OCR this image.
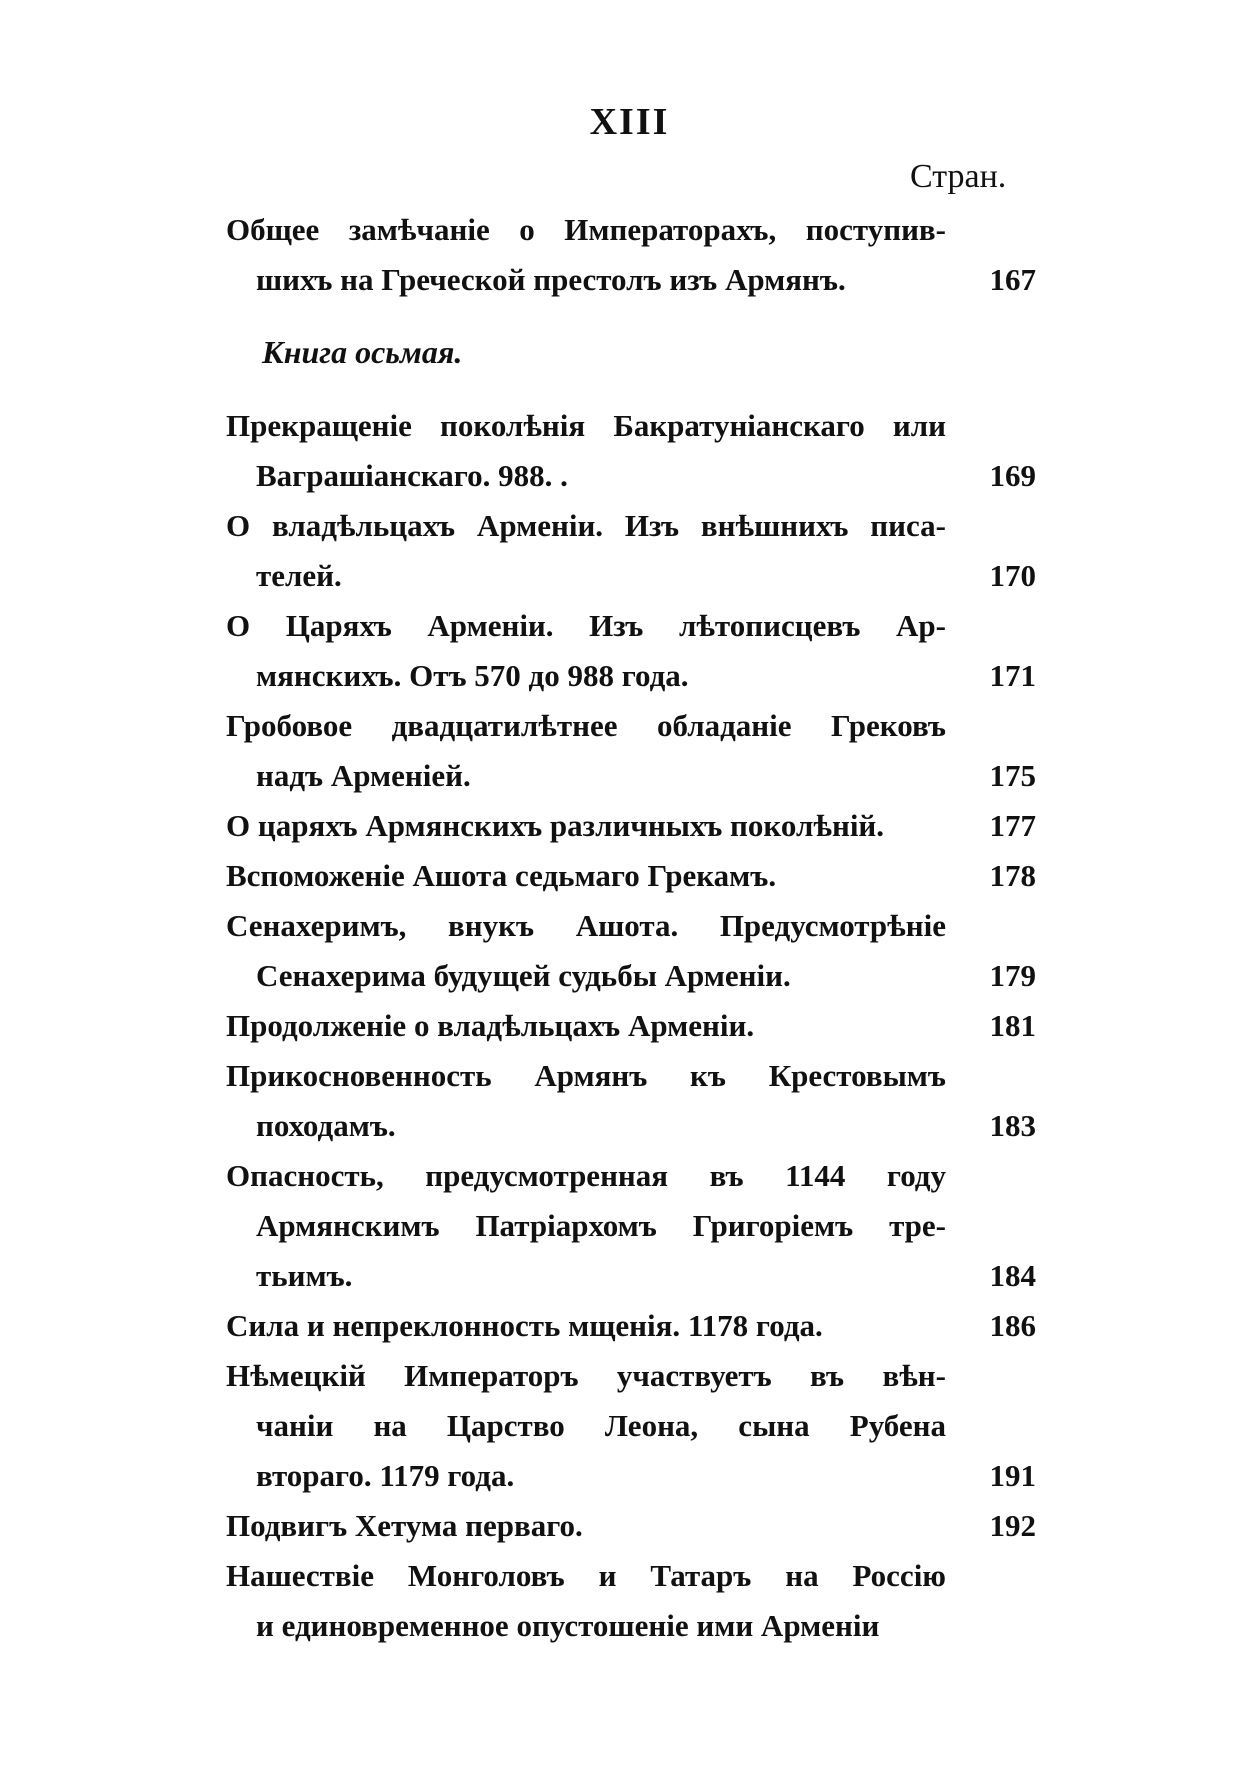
XIII
Стран.
Общее замѣчаніе о Императорахъ, поступив-
шихъ на Греческой престолъ изъ Армянъ.	167
Книга осьмая.
Прекращеніе поколѣнія Бакратуніанскаго или
Ваграшіанскаго. 988. .	169
О владѣльцахъ Арменіи. Изъ внѣшнихъ писа-
телей.	170
О Царяхъ Арменіи. Изъ лѣтописцевъ Ар-
мянскихъ. Отъ 570 до 988 года.	171
Гробовое двадцатилѣтнее обладаніе Грековъ
надъ Арменіей.	175
О царяхъ Армянскихъ различныхъ поколѣній.	177
Вспоможеніе Ашота седьмаго Грекамъ.	178
Сенахеримъ, внукъ Ашота. Предусмотрѣніе
Сенахерима будущей судьбы Арменіи.	179
Продолженіе о владѣльцахъ Арменіи.	181
Прикосновенность Армянъ къ Крестовымъ
походамъ.	183
Опасность, предусмотренная въ 1144 году
Армянскимъ Патріархомъ Григоріемъ тре-
тьимъ.	184
Сила и непреклонность мщенія. 1178 года.	186
Нѣмецкій Императоръ участвуетъ въ вѣн-
чаніи на Царство Леона, сына Рубена
втораго. 1179 года.	191
Подвигъ Хетума перваго.	192
Нашествіе Монголовъ и Татаръ на Россію
и единовременное опустошеніе ими Арменіи
